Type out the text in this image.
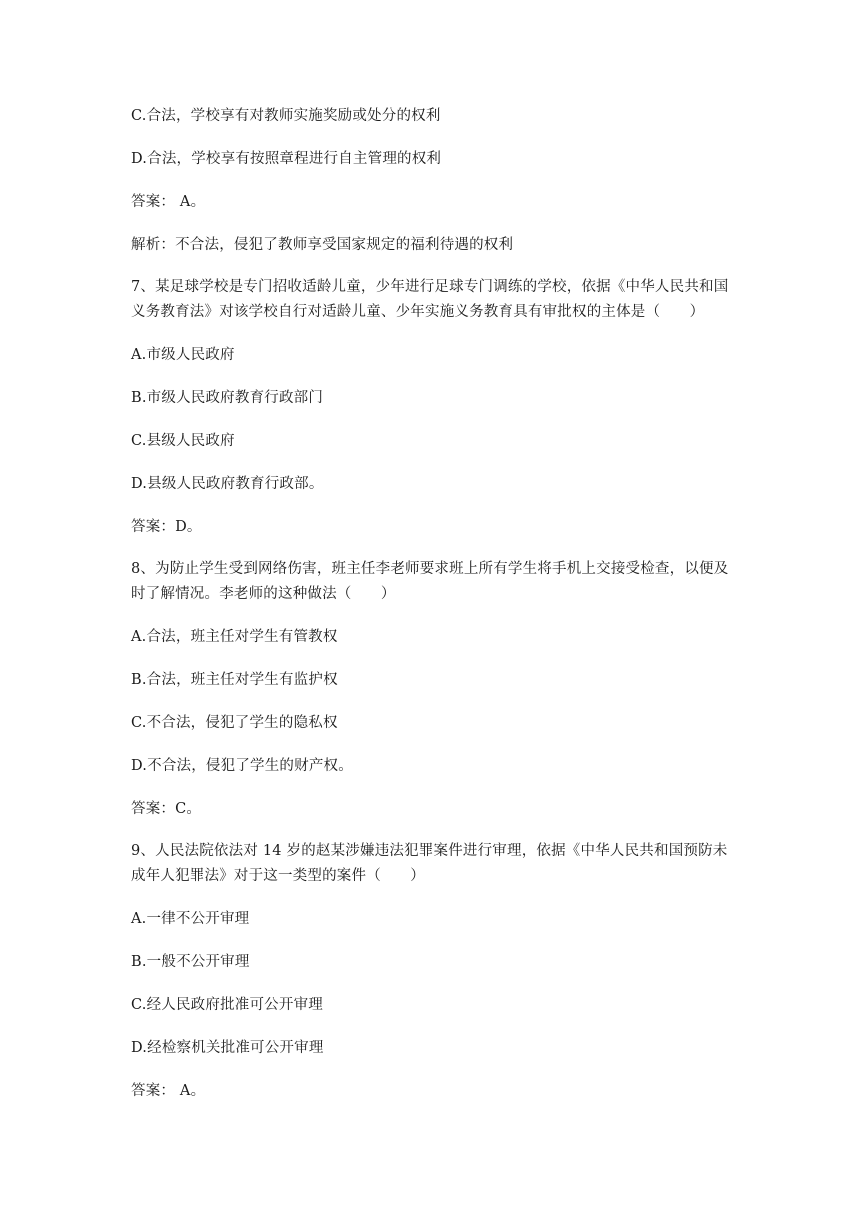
C.合法，学校享有对教师实施奖励或处分的权利
D.合法，学校享有按照章程进行自主管理的权利
答案： A。
解析：不合法，侵犯了教师享受国家规定的福利待遇的权利
7、某足球学校是专门招收适龄儿童，少年进行足球专门调练的学校，依据《中华人民共和国义务教育法》对该学校自行对适龄儿童、少年实施义务教育具有审批权的主体是（　　）
A.市级人民政府
B.市级人民政府教育行政部门
C.县级人民政府
D.县级人民政府教育行政部。
答案：D。
8、为防止学生受到网络伤害，班主任李老师要求班上所有学生将手机上交接受检查，以便及时了解情况。李老师的这种做法（　　）
A.合法，班主任对学生有管教权
B.合法，班主任对学生有监护权
C.不合法，侵犯了学生的隐私权
D.不合法，侵犯了学生的财产权。
答案：C。
9、人民法院依法对 14 岁的赵某涉嫌违法犯罪案件进行审理，依据《中华人民共和国预防未成年人犯罪法》对于这一类型的案件（　　）
A.一律不公开审理
B.一般不公开审理
C.经人民政府批准可公开审理
D.经检察机关批准可公开审理
答案： A。
